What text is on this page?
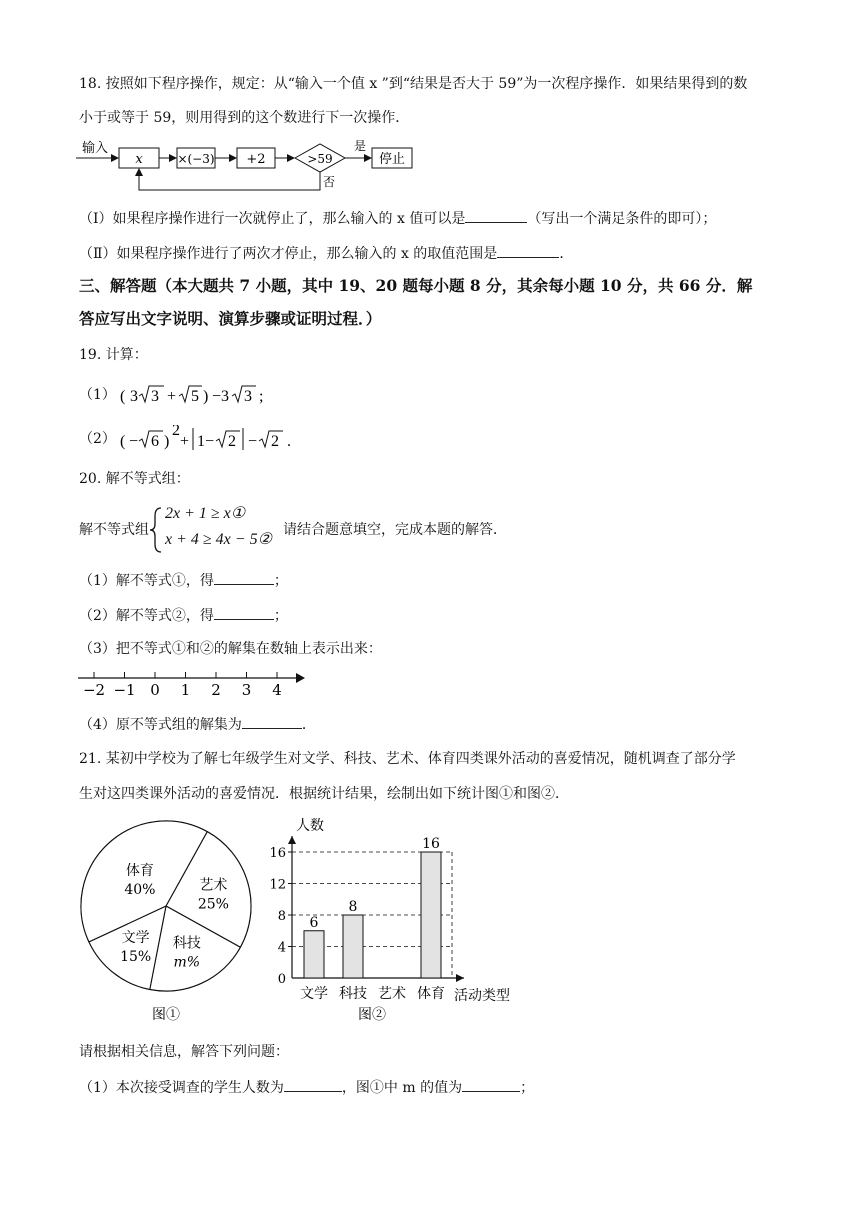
18. 按照如下程序操作，规定：从“输入一个值 x ”到“结果是否大于 59”为一次程序操作．如果结果得到的数
小于或等于 59，则用得到的这个数进行下一次操作．
输入
x	×(−3) +2	>59
是
停止
否
（Ⅰ）如果程序操作进行一次就停止了，那么输入的 x 值可以是	（写出一个满足条件的即可）；
（Ⅱ）如果程序操作进行了两次才停止，那么输入的 x 的取值范围是	．
三、解答题（本大题共 7 小题，其中 19、20 题每小题 8 分，其余每小题 10 分，共 66 分．解
答应写出文字说明、演算步骤或证明过程．）
19. 计算：
（1） ( 3 3 + 5 ) −3 3 ;
（2） ( − 6 )
2
+ 1− 2 − 2 .
20. 解不等式组：
解不等式组
2x + 1 ≥ x①
x + 4 ≥ 4x − 5②
请结合题意填空，完成本题的解答．
（1）解不等式①，得	；
（2）解不等式②，得	；
（3）把不等式①和②的解集在数轴上表示出来：
−2 −1 0 1 2 3 4
（4）原不等式组的解集为	．
21. 某初中学校为了解七年级学生对文学、科技、艺术、体育四类课外活动的喜爱情况，随机调查了部分学
生对这四类课外活动的喜爱情况．根据统计结果，绘制出如下统计图①和图②．
艺术
25%
科技
m%
文学
15%
体育
40%
图①
人数
0
4
8
12
16
6
文学
8
科技 艺术
16
体育 活动类型
图②
请根据相关信息，解答下列问题：
（1）本次接受调查的学生人数为	，图①中 m 的值为	；
